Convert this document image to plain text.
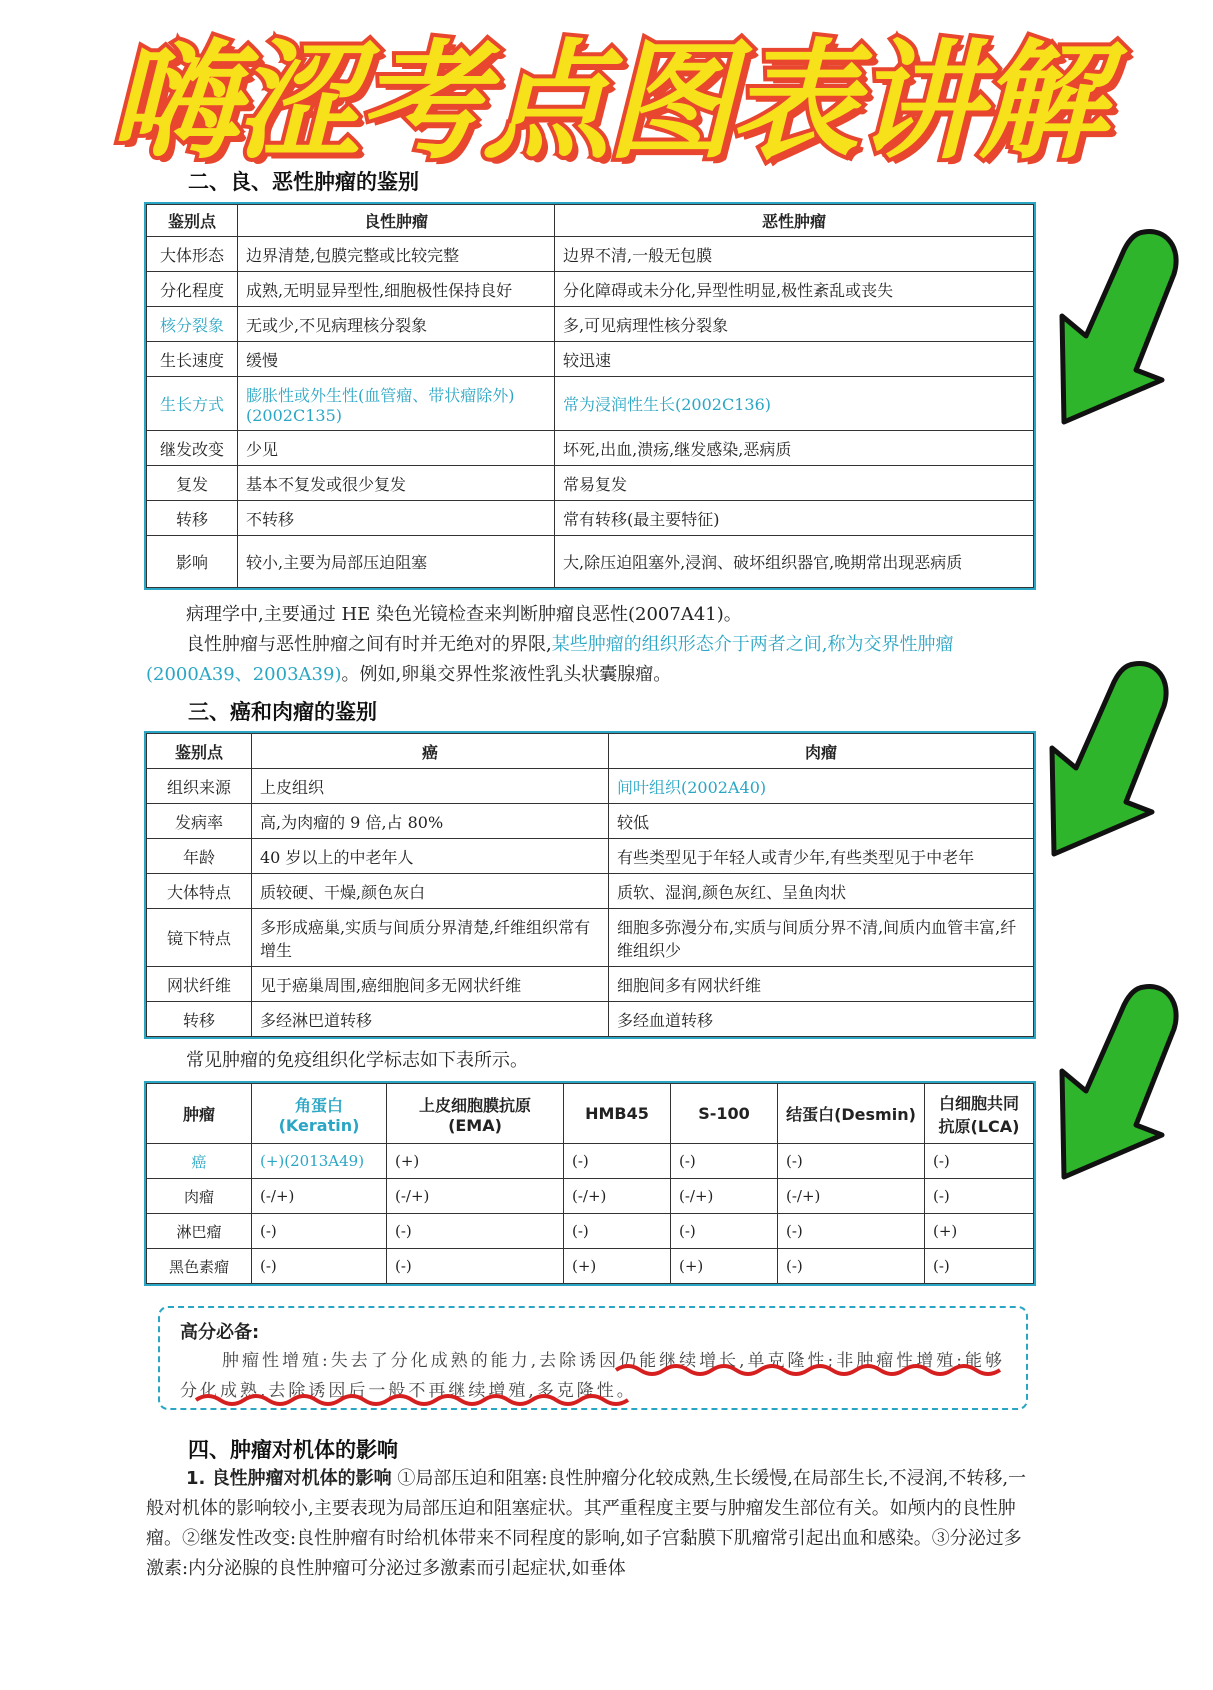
嗨涩考点图表讲解
二、良、恶性肿瘤的鉴别
鉴别点	良性肿瘤	恶性肿瘤
大体形态	边界清楚,包膜完整或比较完整	边界不清,一般无包膜
分化程度	成熟,无明显异型性,细胞极性保持良好	分化障碍或未分化,异型性明显,极性紊乱或丧失
核分裂象	无或少,不见病理核分裂象	多,可见病理性核分裂象
生长速度	缓慢	较迅速
生长方式	膨胀性或外生性(血管瘤、带状瘤除外)(2002C135)	常为浸润性生长(2002C136)
继发改变	少见	坏死,出血,溃疡,继发感染,恶病质
复发	基本不复发或很少复发	常易复发
转移	不转移	常有转移(最主要特征)
影响	较小,主要为局部压迫阻塞	大,除压迫阻塞外,浸润、破坏组织器官,晚期常出现恶病质
病理学中,主要通过 HE 染色光镜检查来判断肿瘤良恶性(2007A41)。
良性肿瘤与恶性肿瘤之间有时并无绝对的界限,某些肿瘤的组织形态介于两者之间,称为交界性肿瘤(2000A39、2003A39)。例如,卵巢交界性浆液性乳头状囊腺瘤。
三、癌和肉瘤的鉴别
鉴别点	癌	肉瘤
组织来源	上皮组织	间叶组织(2002A40)
发病率	高,为肉瘤的 9 倍,占 80%	较低
年龄	40 岁以上的中老年人	有些类型见于年轻人或青少年,有些类型见于中老年
大体特点	质较硬、干燥,颜色灰白	质软、湿润,颜色灰红、呈鱼肉状
镜下特点	多形成癌巢,实质与间质分界清楚,纤维组织常有增生	细胞多弥漫分布,实质与间质分界不清,间质内血管丰富,纤维组织少
网状纤维	见于癌巢周围,癌细胞间多无网状纤维	细胞间多有网状纤维
转移	多经淋巴道转移	多经血道转移
常见肿瘤的免疫组织化学标志如下表所示。
肿瘤	角蛋白(Keratin)	上皮细胞膜抗原(EMA)	HMB45	S-100	结蛋白(Desmin)	白细胞共同抗原(LCA)
癌	(+)(2013A49)	(+)	(-)	(-)	(-)	(-)
肉瘤	(-/+)	(-/+)	(-/+)	(-/+)	(-/+)	(-)
淋巴瘤	(-)	(-)	(-)	(-)	(-)	(+)
黑色素瘤	(-)	(-)	(+)	(+)	(-)	(-)
高分必备:
肿瘤性增殖:失去了分化成熟的能力,去除诱因仍能继续增长,单克隆性;非肿瘤性增殖:能够分化成熟,去除诱因后一般不再继续增殖,多克隆性。
四、肿瘤对机体的影响
1. 良性肿瘤对机体的影响 ①局部压迫和阻塞:良性肿瘤分化较成熟,生长缓慢,在局部生长,不浸润,不转移,一般对机体的影响较小,主要表现为局部压迫和阻塞症状。其严重程度主要与肿瘤发生部位有关。如颅内的良性肿瘤。②继发性改变:良性肿瘤有时给机体带来不同程度的影响,如子宫黏膜下肌瘤常引起出血和感染。③分泌过多激素:内分泌腺的良性肿瘤可分泌过多激素而引起症状,如垂体
